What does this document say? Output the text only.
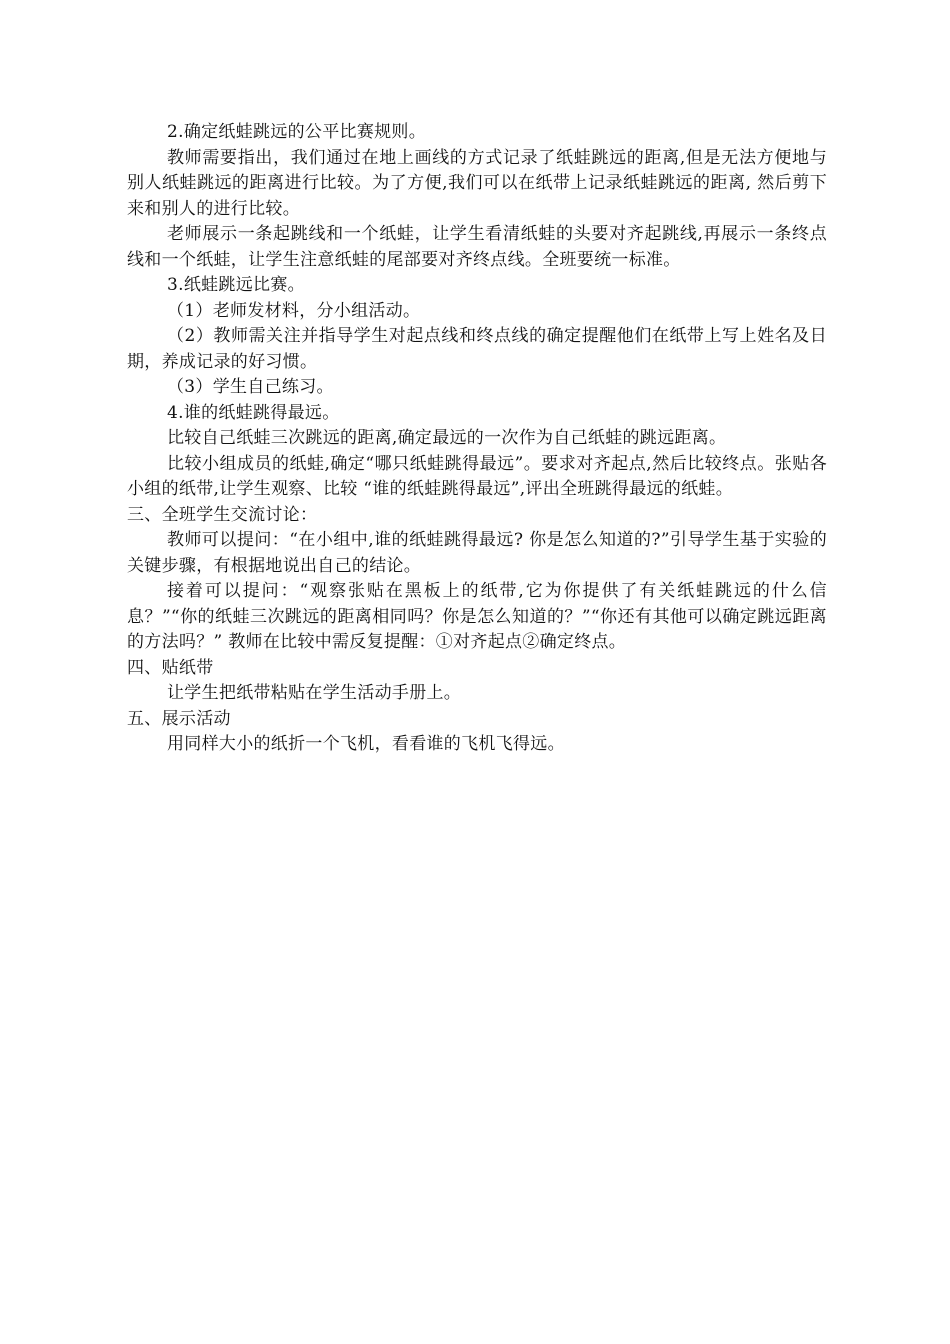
2.确定纸蛙跳远的公平比赛规则。

教师需要指出，我们通过在地上画线的方式记录了纸蛙跳远的距离,但是无法方便地与别人纸蛙跳远的距离进行比较。为了方便,我们可以在纸带上记录纸蛙跳远的距离, 然后剪下来和别人的进行比较。

老师展示一条起跳线和一个纸蛙，让学生看清纸蛙的头要对齐起跳线,再展示一条终点线和一个纸蛙，让学生注意纸蛙的尾部要对齐终点线。全班要统一标准。

3.纸蛙跳远比赛。

（1）老师发材料，分小组活动。

（2）教师需关注并指导学生对起点线和终点线的确定提醒他们在纸带上写上姓名及日期，养成记录的好习惯。

（3）学生自己练习。

4.谁的纸蛙跳得最远。

比较自己纸蛙三次跳远的距离,确定最远的一次作为自己纸蛙的跳远距离。

比较小组成员的纸蛙,确定“哪只纸蛙跳得最远”。要求对齐起点,然后比较终点。张贴各小组的纸带,让学生观察、比较 “谁的纸蛙跳得最远”,评出全班跳得最远的纸蛙。

三、全班学生交流讨论：

教师可以提问：“在小组中,谁的纸蛙跳得最远? 你是怎么知道的?”引导学生基于实验的关键步骤，有根据地说出自己的结论。

接着可以提问：“观察张贴在黑板上的纸带,它为你提供了有关纸蛙跳远的什么信息？”“你的纸蛙三次跳远的距离相同吗？你是怎么知道的？”“你还有其他可以确定跳远距离的方法吗？” 教师在比较中需反复提醒：①对齐起点②确定终点。

四、贴纸带

让学生把纸带粘贴在学生活动手册上。

五、展示活动

用同样大小的纸折一个飞机，看看谁的飞机飞得远。
